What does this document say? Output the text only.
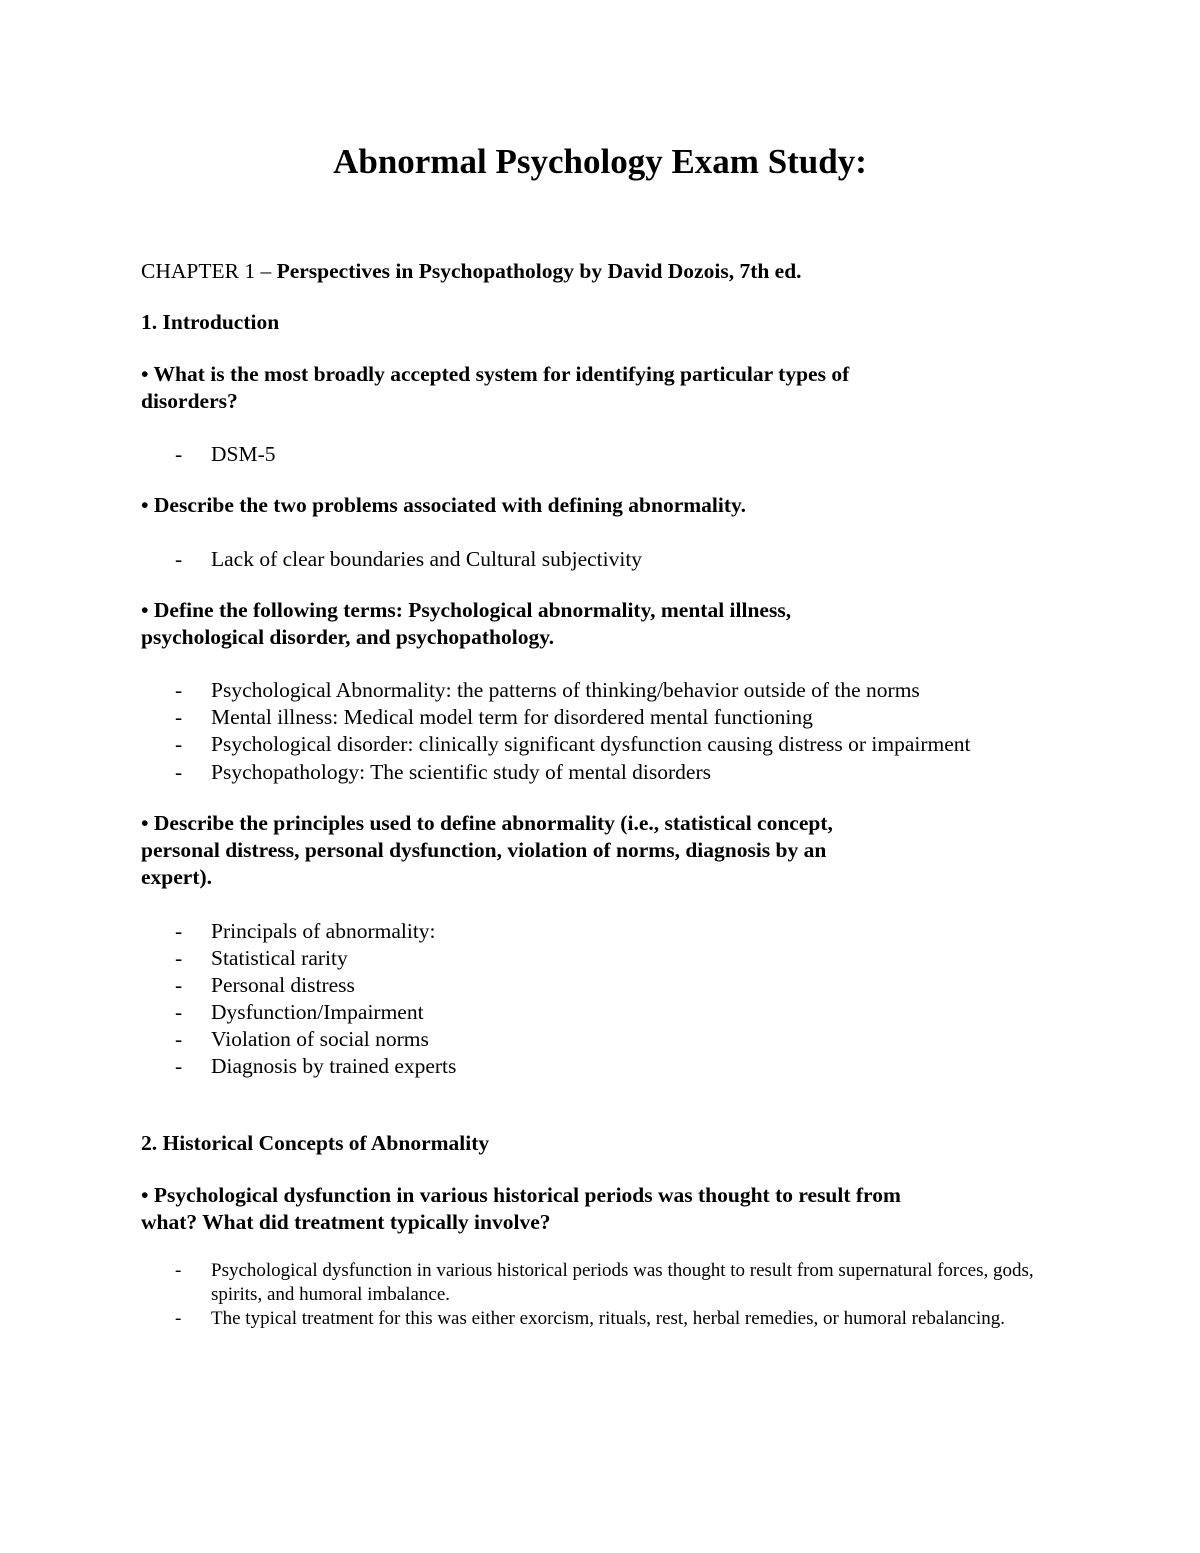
Abnormal Psychology Exam Study:
CHAPTER 1 – Perspectives in Psychopathology by David Dozois, 7th ed.
1. Introduction
• What is the most broadly accepted system for identifying particular types of
disorders?
- DSM-5
• Describe the two problems associated with defining abnormality.
- Lack of clear boundaries and Cultural subjectivity
• Define the following terms: Psychological abnormality, mental illness,
psychological disorder, and psychopathology.
- Psychological Abnormality: the patterns of thinking/behavior outside of the norms
- Mental illness: Medical model term for disordered mental functioning
- Psychological disorder: clinically significant dysfunction causing distress or impairment
- Psychopathology: The scientific study of mental disorders
• Describe the principles used to define abnormality (i.e., statistical concept,
personal distress, personal dysfunction, violation of norms, diagnosis by an
expert).
- Principals of abnormality:
- Statistical rarity
- Personal distress
- Dysfunction/Impairment
- Violation of social norms
- Diagnosis by trained experts
2. Historical Concepts of Abnormality
• Psychological dysfunction in various historical periods was thought to result from
what? What did treatment typically involve?
-	Psychological dysfunction in various historical periods was thought to result from supernatural forces, gods, spirits, and humoral imbalance.
-	The typical treatment for this was either exorcism, rituals, rest, herbal remedies, or humoral rebalancing.
